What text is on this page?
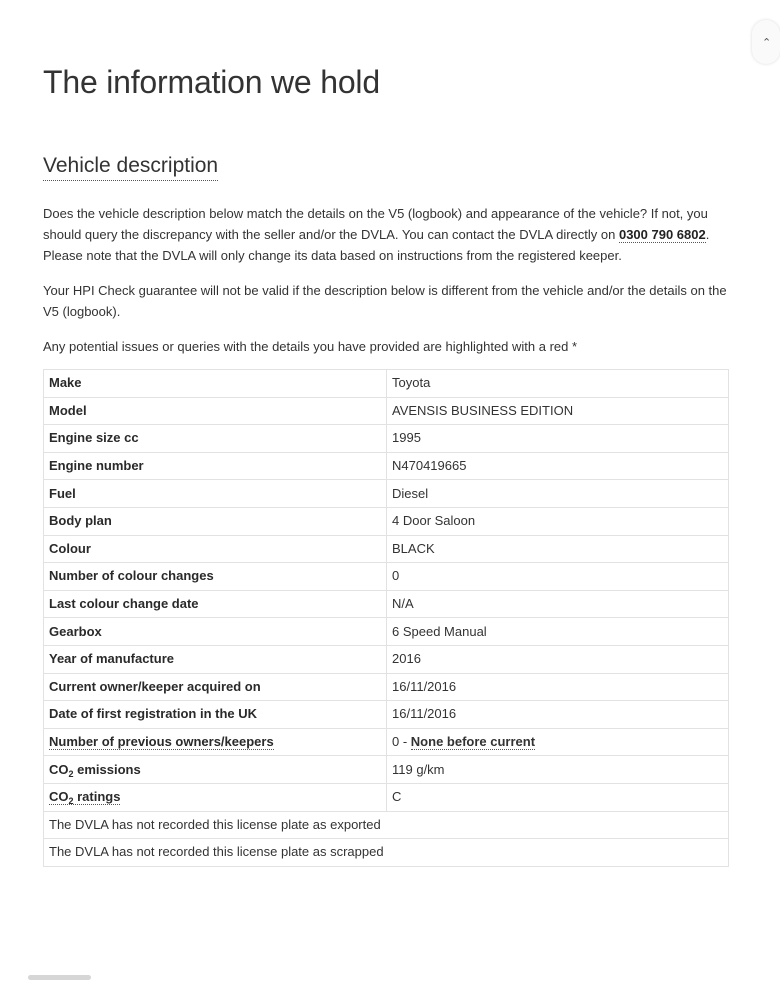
The information we hold
Vehicle description

Does the vehicle description below match the details on the V5 (logbook) and appearance of the vehicle? If not, you should query the discrepancy with the seller and/or the DVLA. You can contact the DVLA directly on 0300 790 6802. Please note that the DVLA will only change its data based on instructions from the registered keeper.

Your HPI Check guarantee will not be valid if the description below is different from the vehicle and/or the details on the V5 (logbook).

Any potential issues or queries with the details you have provided are highlighted with a red *

Make	Toyota
Model	AVENSIS BUSINESS EDITION
Engine size cc	1995
Engine number	N470419665
Fuel	Diesel
Body plan	4 Door Saloon
Colour	BLACK
Number of colour changes	0
Last colour change date	N/A
Gearbox	6 Speed Manual
Year of manufacture	2016
Current owner/keeper acquired on	16/11/2016
Date of first registration in the UK	16/11/2016
Number of previous owners/keepers	0 - None before current
$CO_2$ emissions	119 g/km
$CO_2$ ratings	C
The DVLA has not recorded this license plate as exported	
The DVLA has not recorded this license plate as scrapped	
⌃
